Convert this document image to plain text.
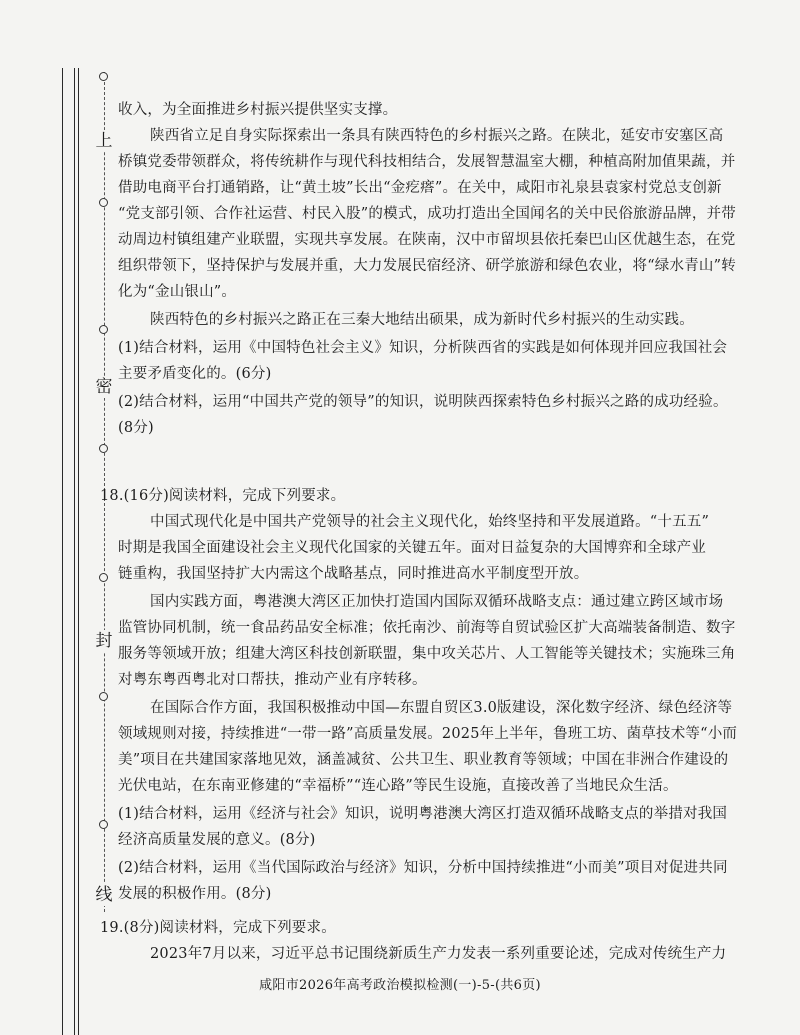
上
密
封
线
收入，为全面推进乡村振兴提供坚实支撑。
陕西省立足自身实际探索出一条具有陕西特色的乡村振兴之路。在陕北，延安市安塞区高
桥镇党委带领群众，将传统耕作与现代科技相结合，发展智慧温室大棚，种植高附加值果蔬，并
借助电商平台打通销路，让“黄土坡”长出“金疙瘩”。在关中，咸阳市礼泉县袁家村党总支创新
“党支部引领、合作社运营、村民入股”的模式，成功打造出全国闻名的关中民俗旅游品牌，并带
动周边村镇组建产业联盟，实现共享发展。在陕南，汉中市留坝县依托秦巴山区优越生态，在党
组织带领下，坚持保护与发展并重，大力发展民宿经济、研学旅游和绿色农业，将“绿水青山”转
化为“金山银山”。
陕西特色的乡村振兴之路正在三秦大地结出硕果，成为新时代乡村振兴的生动实践。
(1)结合材料，运用《中国特色社会主义》知识，分析陕西省的实践是如何体现并回应我国社会
主要矛盾变化的。(6分)
(2)结合材料，运用“中国共产党的领导”的知识，说明陕西探索特色乡村振兴之路的成功经验。
(8分)
18.(16分)阅读材料，完成下列要求。
中国式现代化是中国共产党领导的社会主义现代化，始终坚持和平发展道路。“十五五”
时期是我国全面建设社会主义现代化国家的关键五年。面对日益复杂的大国博弈和全球产业
链重构，我国坚持扩大内需这个战略基点，同时推进高水平制度型开放。
国内实践方面，粤港澳大湾区正加快打造国内国际双循环战略支点：通过建立跨区域市场
监管协同机制，统一食品药品安全标准；依托南沙、前海等自贸试验区扩大高端装备制造、数字
服务等领域开放；组建大湾区科技创新联盟，集中攻关芯片、人工智能等关键技术；实施珠三角
对粤东粤西粤北对口帮扶，推动产业有序转移。
在国际合作方面，我国积极推动中国—东盟自贸区3.0版建设，深化数字经济、绿色经济等
领域规则对接，持续推进“一带一路”高质量发展。2025年上半年，鲁班工坊、菌草技术等“小而
美”项目在共建国家落地见效，涵盖减贫、公共卫生、职业教育等领域；中国在非洲合作建设的
光伏电站，在东南亚修建的“幸福桥”“连心路”等民生设施，直接改善了当地民众生活。
(1)结合材料，运用《经济与社会》知识，说明粤港澳大湾区打造双循环战略支点的举措对我国
经济高质量发展的意义。(8分)
(2)结合材料，运用《当代国际政治与经济》知识，分析中国持续推进“小而美”项目对促进共同
发展的积极作用。(8分)
19.(8分)阅读材料，完成下列要求。
2023年7月以来，习近平总书记围绕新质生产力发表一系列重要论述，完成对传统生产力
咸阳市2026年高考政治模拟检测(一)-5-(共6页)
